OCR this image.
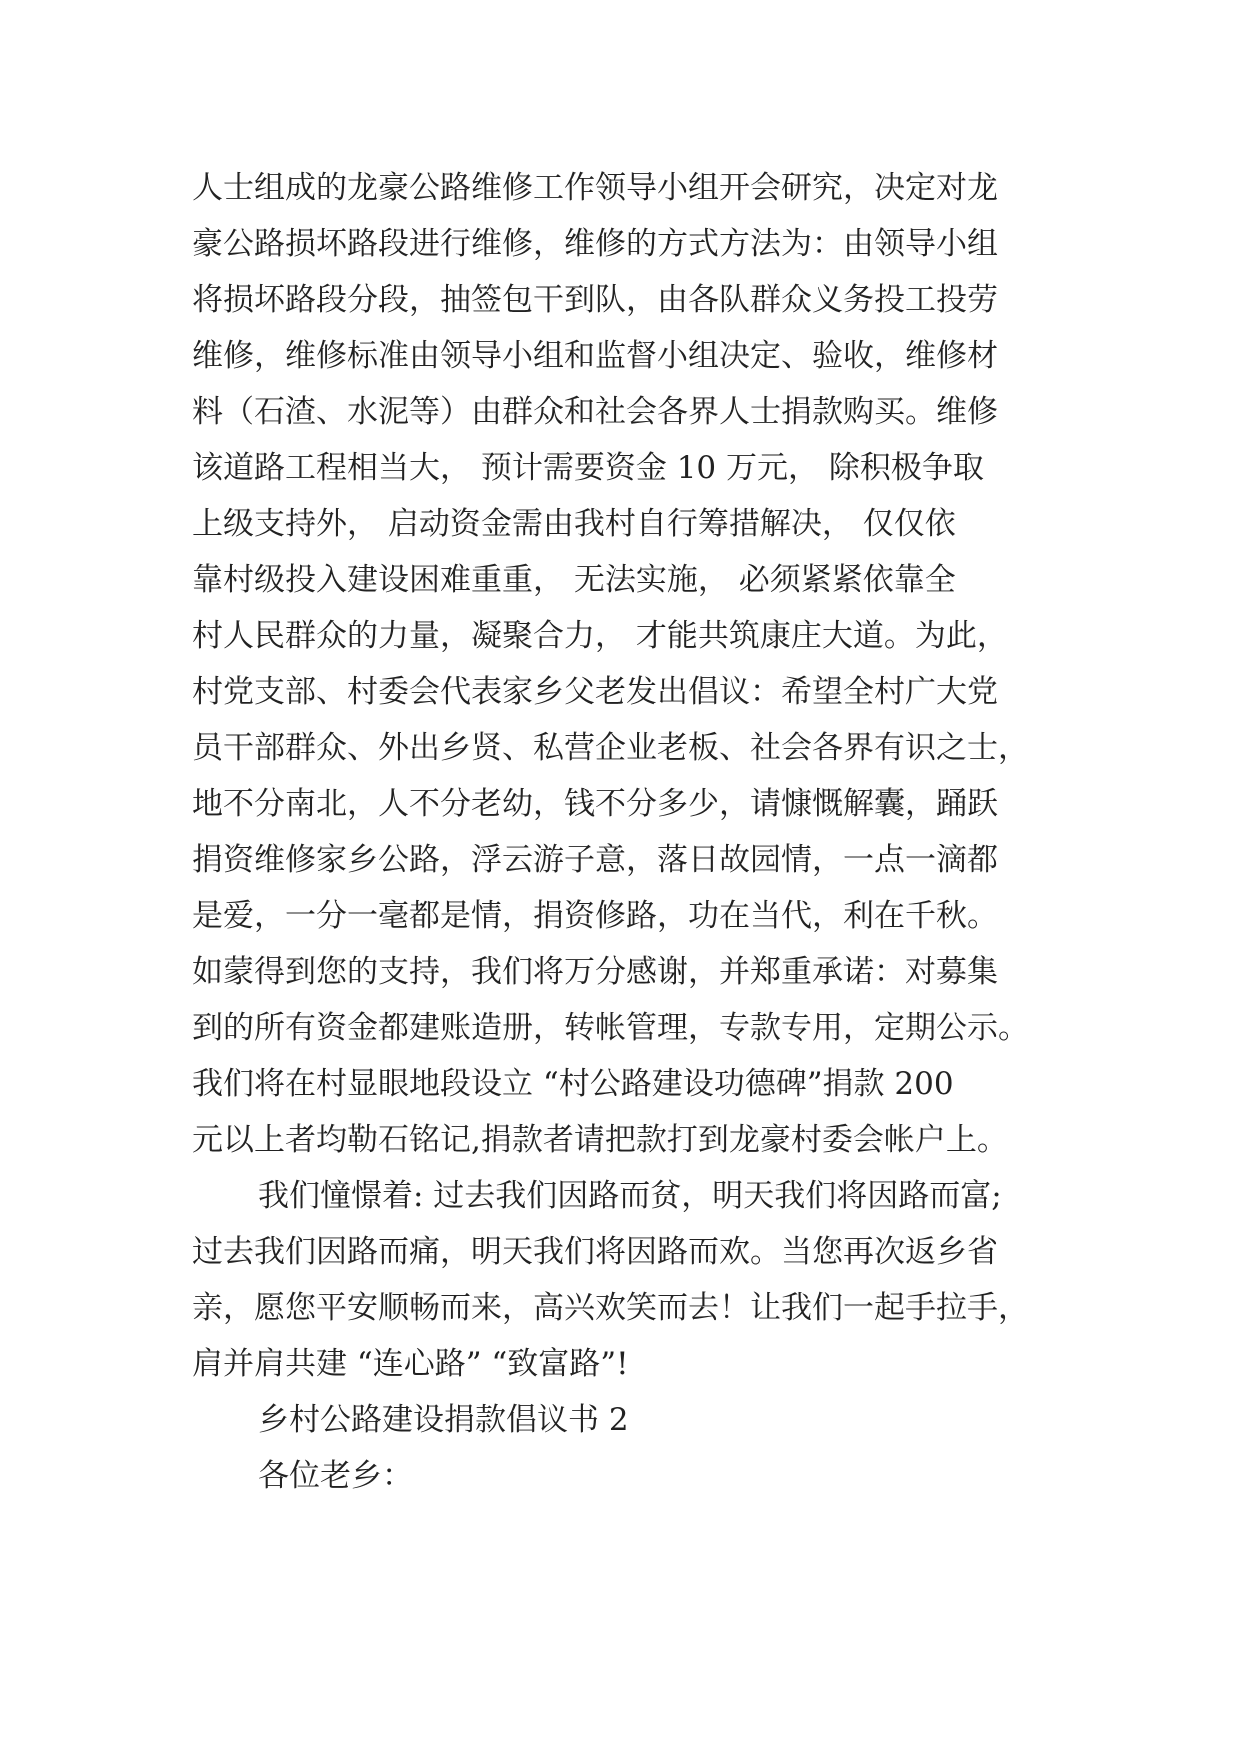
人士组成的龙豪公路维修工作领导小组开会研究，决定对龙
豪公路损坏路段进行维修，维修的方式方法为：由领导小组
将损坏路段分段，抽签包干到队，由各队群众义务投工投劳
维修，维修标准由领导小组和监督小组决定、验收，维修材
料（石渣、水泥等）由群众和社会各界人士捐款购买。维修
该道路工程相当大， 预计需要资金 10 万元， 除积极争取
上级支持外， 启动资金需由我村自行筹措解决， 仅仅依
靠村级投入建设困难重重， 无法实施， 必须紧紧依靠全
村人民群众的力量，凝聚合力， 才能共筑康庄大道。为此，
村党支部、村委会代表家乡父老发出倡议：希望全村广大党
员干部群众、外出乡贤、私营企业老板、社会各界有识之士，
地不分南北，人不分老幼，钱不分多少，请慷慨解囊，踊跃
捐资维修家乡公路，浮云游子意，落日故园情，一点一滴都
是爱，一分一毫都是情，捐资修路，功在当代，利在千秋。
如蒙得到您的支持，我们将万分感谢，并郑重承诺：对募集
到的所有资金都建账造册，转帐管理，专款专用，定期公示。
我们将在村显眼地段设立 “村公路建设功德碑”捐款 200
元以上者均勒石铭记,捐款者请把款打到龙豪村委会帐户上。
我们憧憬着: 过去我们因路而贫，明天我们将因路而富;
过去我们因路而痛，明天我们将因路而欢。当您再次返乡省
亲，愿您平安顺畅而来，高兴欢笑而去！让我们一起手拉手，
肩并肩共建 “连心路” “致富路”!
乡村公路建设捐款倡议书 2
各位老乡：
